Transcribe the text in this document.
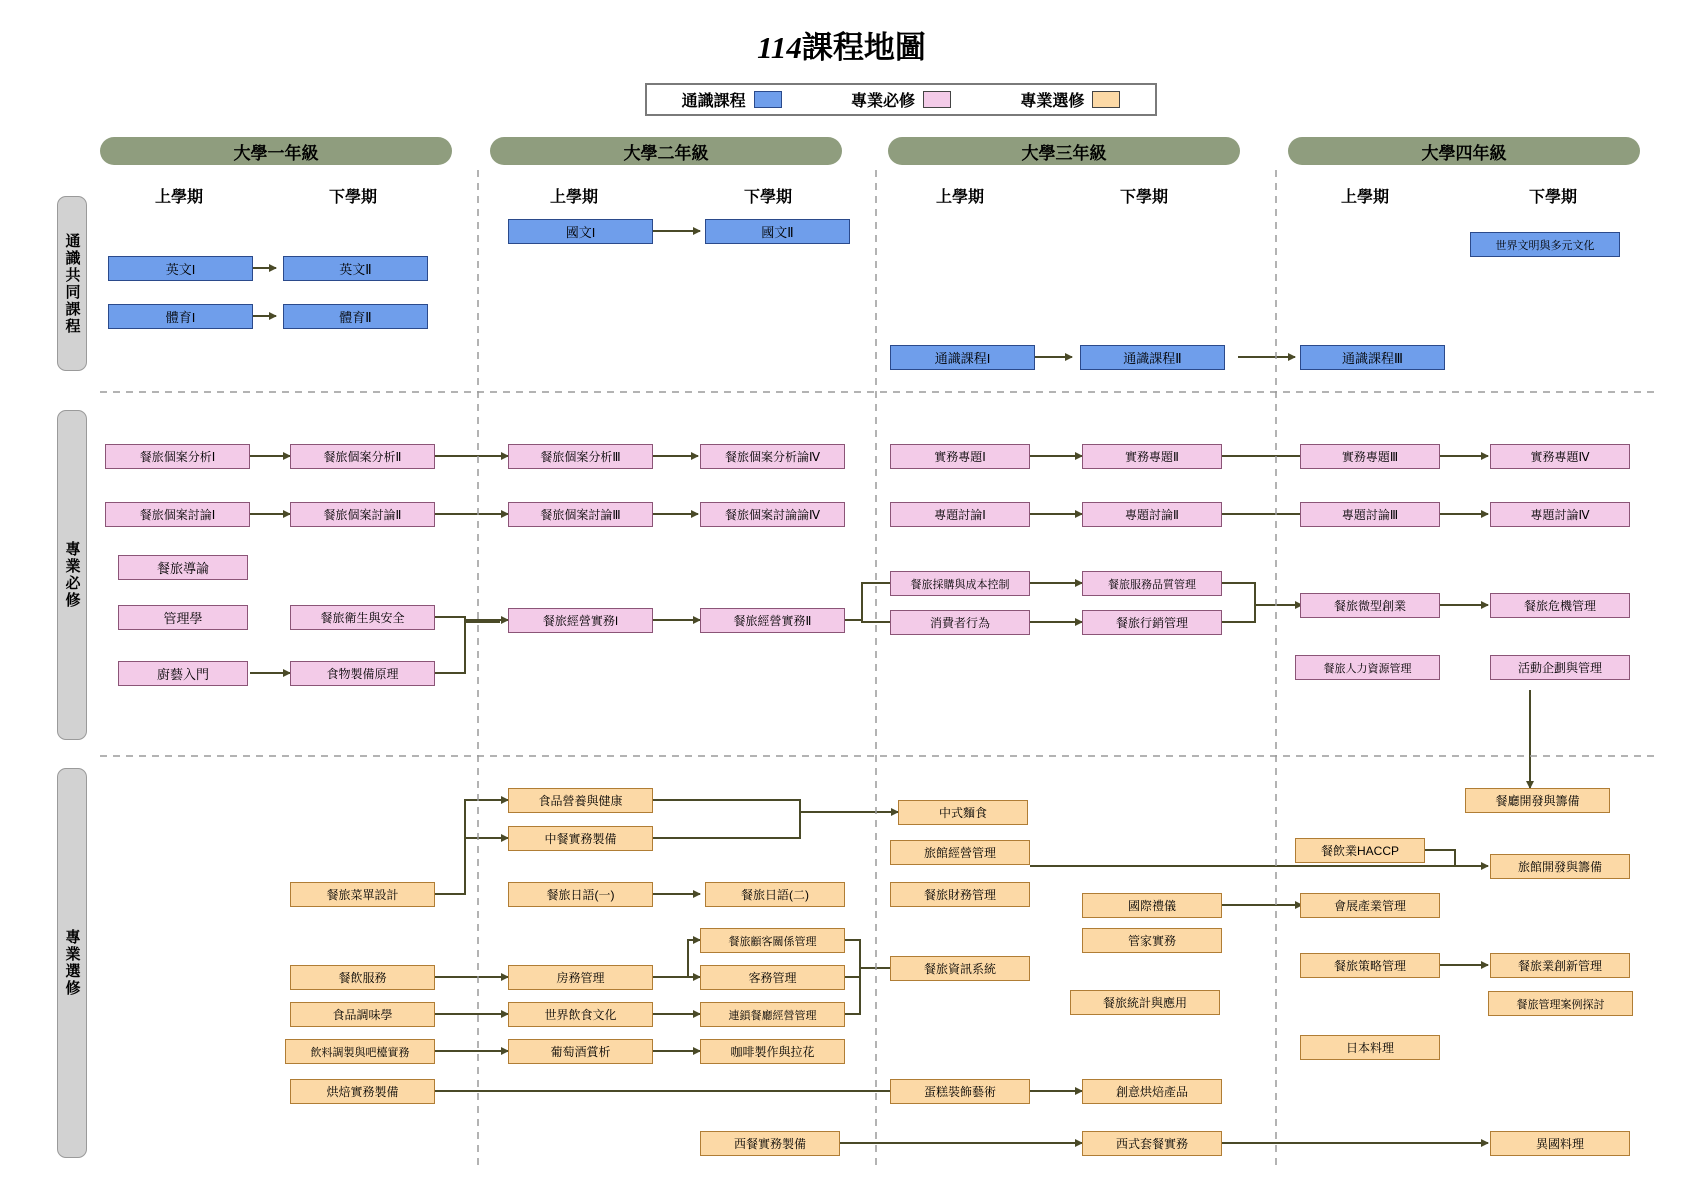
114課程地圖
通識課程	專業必修	專業選修
大學一年級	大學二年級	大學三年級	大學四年級
上學期	下學期	上學期	下學期	上學期	下學期	上學期	下學期
通識共同課程
專業必修
專業選修
英文I	英文Ⅱ
體育I	體育Ⅱ
國文I	國文Ⅱ
通識課程I	通識課程Ⅱ	通識課程Ⅲ
世界文明與多元文化
餐旅個案分析Ⅰ	餐旅個案分析Ⅱ	餐旅個案分析Ⅲ	餐旅個案分析論Ⅳ	實務專題Ⅰ	實務專題Ⅱ	實務專題Ⅲ	實務專題Ⅳ
餐旅個案討論Ⅰ	餐旅個案討論Ⅱ	餐旅個案討論Ⅲ	餐旅個案討論論Ⅳ	專題討論Ⅰ	專題討論Ⅱ	專題討論Ⅲ	專題討論Ⅳ
餐旅導論
管理學
廚藝入門
餐旅衛生與安全
食物製備原理
餐旅經營實務I	餐旅經營實務Ⅱ
餐旅採購與成本控制
消費者行為
餐旅服務品質管理
餐旅行銷管理
餐旅微型創業
餐旅人力資源管理
餐旅危機管理
活動企劃與管理
食品營養與健康
中餐實務製備
中式麵食
餐廳開發與籌備
旅館經營管理	餐飲業HACCP
旅館開發與籌備
餐旅菜單設計	餐旅日語(一)	餐旅日語(二)	餐旅財務管理
國際禮儀	會展產業管理
餐旅顧客關係管理	管家實務
餐飲服務	房務管理	客務管理
餐旅資訊系統	餐旅策略管理	餐旅業創新管理
食品調味學	世界飲食文化	連鎖餐廳經營管理
餐旅統計與應用	餐旅管理案例探討
飲料調製與吧檯實務	葡萄酒賞析	咖啡製作與拉花	日本料理
烘焙實務製備	蛋糕裝飾藝術	創意烘焙產品
西餐實務製備	西式套餐實務	異國料理
